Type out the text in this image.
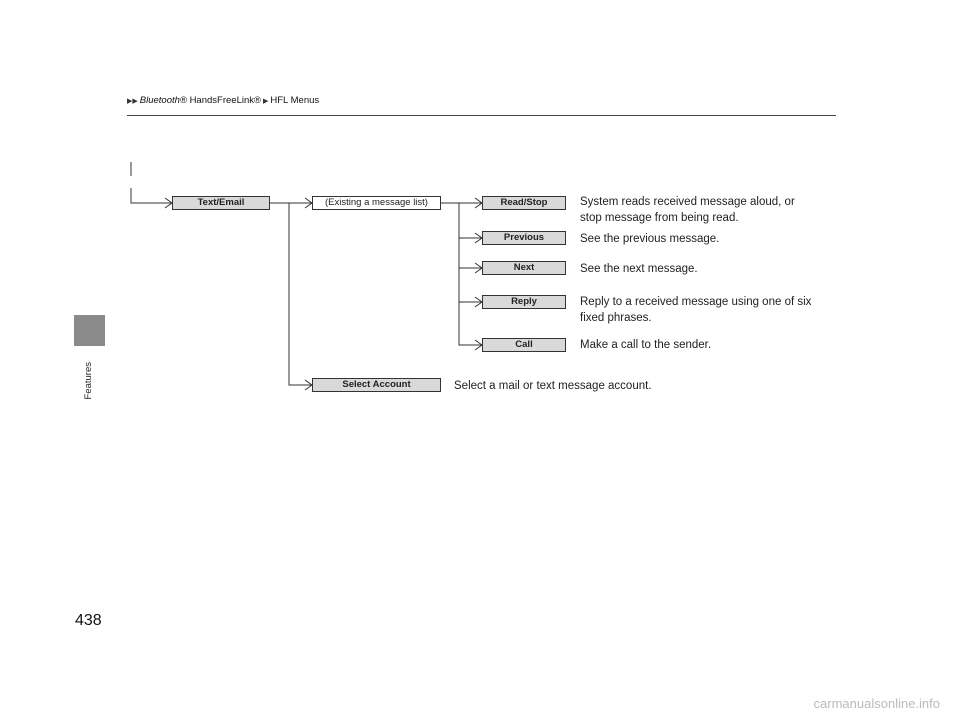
▶▶ Bluetooth® HandsFreeLink® ▶ HFL Menus
Features
Text/Email	(Existing a message list)
Select Account	Select a mail or text message account.
Read/Stop	System reads received message aloud, or stop message from being read.
Previous	See the previous message.
Next	See the next message.
Reply	Reply to a received message using one of six fixed phrases.
Call	Make a call to the sender.
438
carmanualsonline.info
